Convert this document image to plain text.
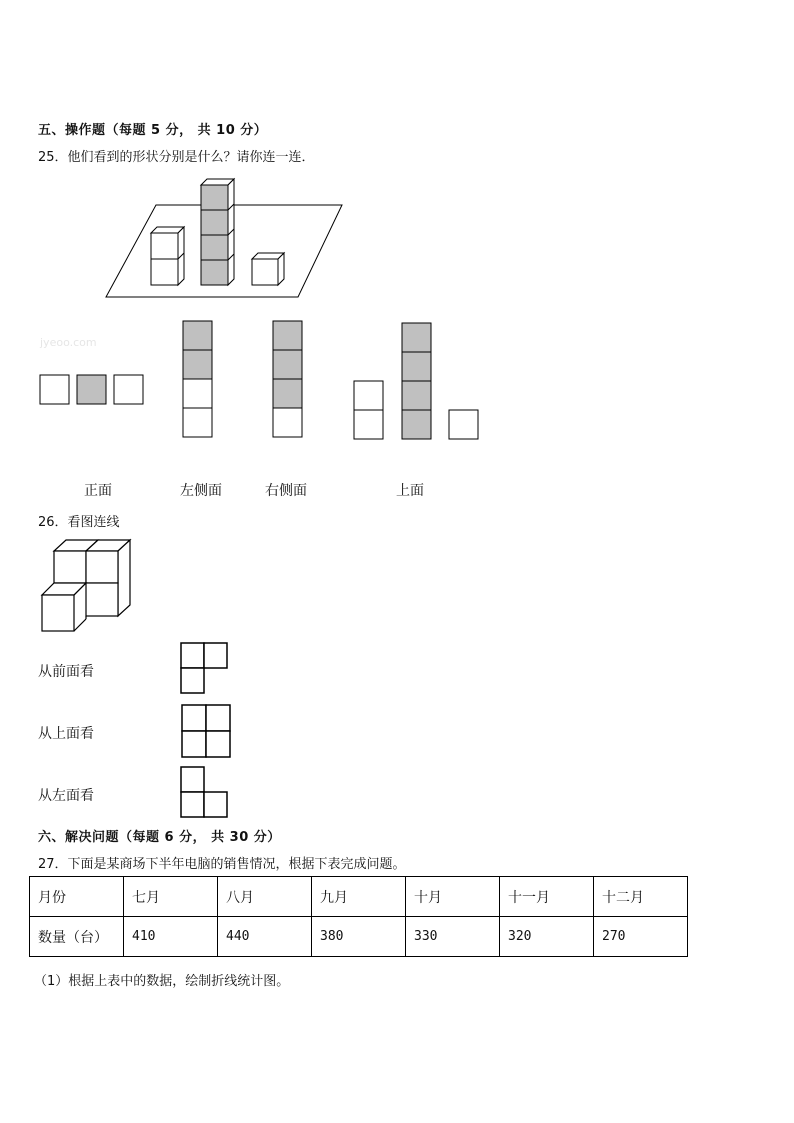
五、操作题（每题 5 分， 共 10 分）
25．他们看到的形状分别是什么？请你连一连．
jyeoo.com
正面	左侧面	右侧面	上面
26．看图连线
从前面看
从上面看
从左面看
六、解决问题（每题 6 分， 共 30 分）
27．下面是某商场下半年电脑的销售情况，根据下表完成问题。
月份	七月	八月	九月	十月	十一月	十二月
数量（台）	410	440	380	330	320	270
（1）根据上表中的数据，绘制折线统计图。
